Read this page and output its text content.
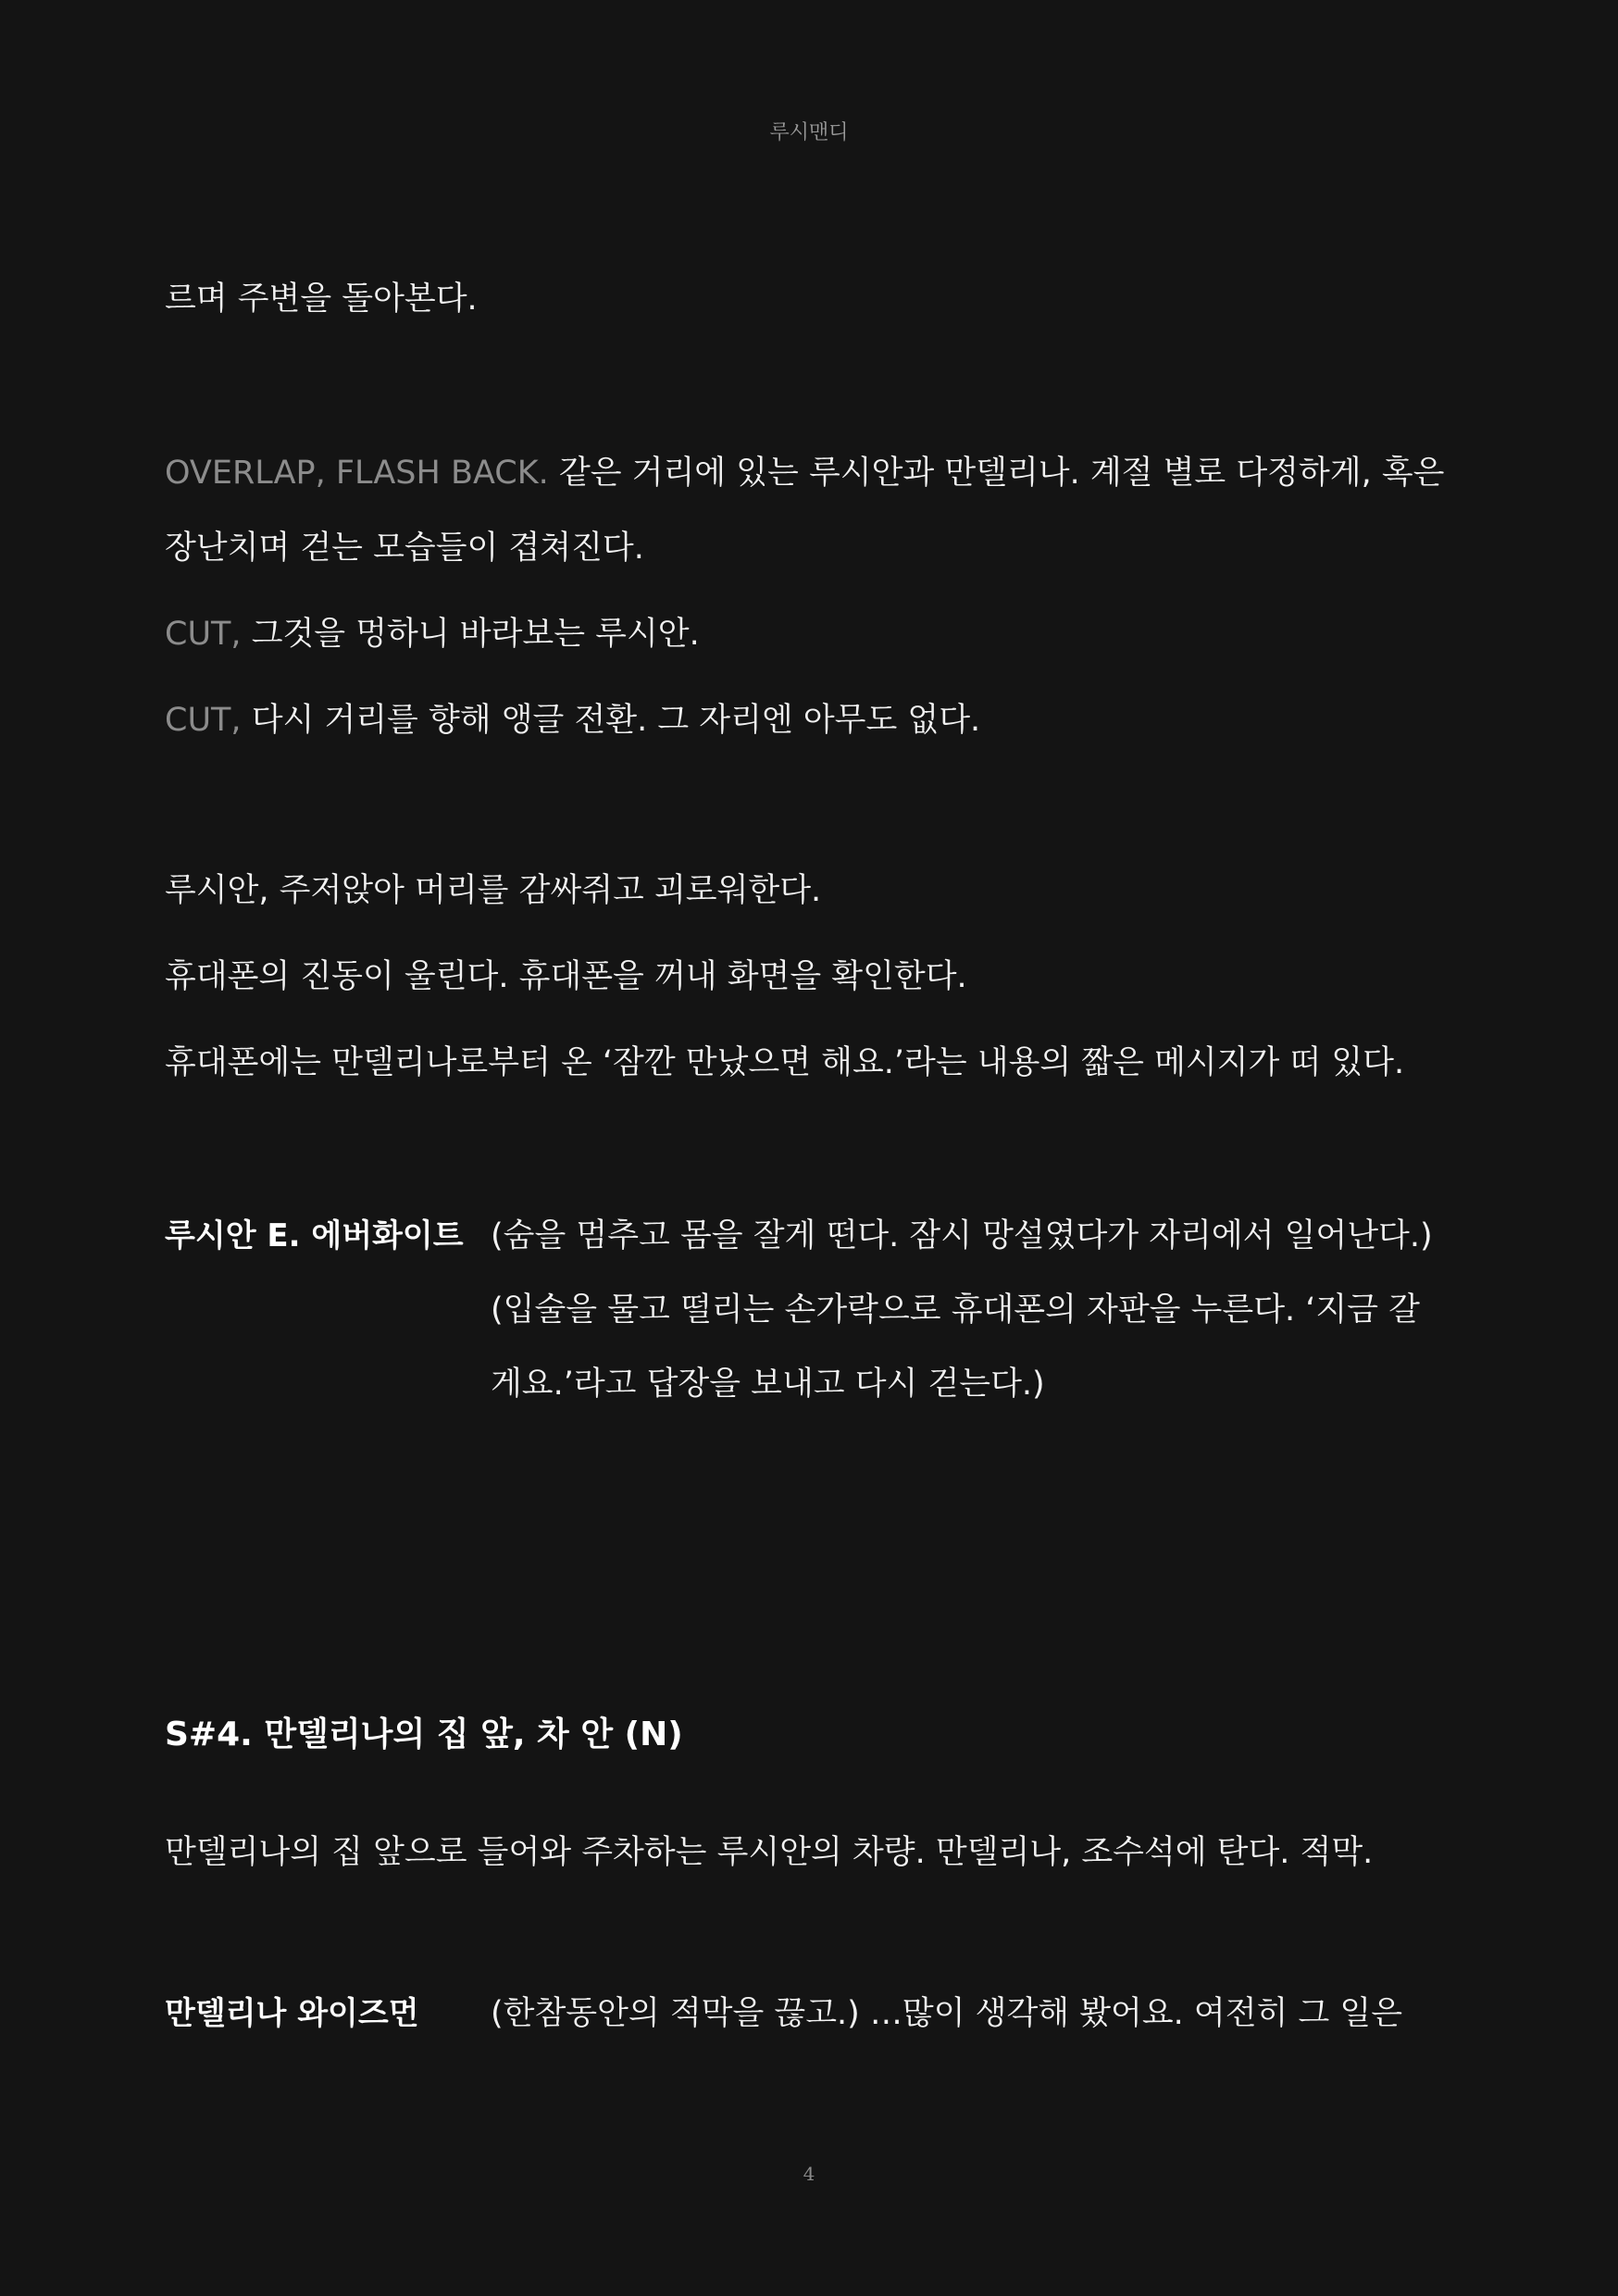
루시맨디
르며 주변을 돌아본다.
OVERLAP, FLASH BACK. 같은 거리에 있는 루시안과 만델리나. 계절 별로 다정하게, 혹은
장난치며 걷는 모습들이 겹쳐진다.
CUT, 그것을 멍하니 바라보는 루시안.
CUT, 다시 거리를 향해 앵글 전환. 그 자리엔 아무도 없다.
루시안, 주저앉아 머리를 감싸쥐고 괴로워한다.
휴대폰의 진동이 울린다. 휴대폰을 꺼내 화면을 확인한다.
휴대폰에는 만델리나로부터 온 ‘잠깐 만났으면 해요.’라는 내용의 짧은 메시지가 떠 있다.
루시안 E. 에버화이트 (숨을 멈추고 몸을 잘게 떤다. 잠시 망설였다가 자리에서 일어난다.)
(입술을 물고 떨리는 손가락으로 휴대폰의 자판을 누른다. ‘지금 갈
게요.’라고 답장을 보내고 다시 걷는다.)
S#4. 만델리나의 집 앞, 차 안 (N)
만델리나의 집 앞으로 들어와 주차하는 루시안의 차량. 만델리나, 조수석에 탄다. 적막.
만델리나 와이즈먼 (한참동안의 적막을 끊고.) …많이 생각해 봤어요. 여전히 그 일은
4
